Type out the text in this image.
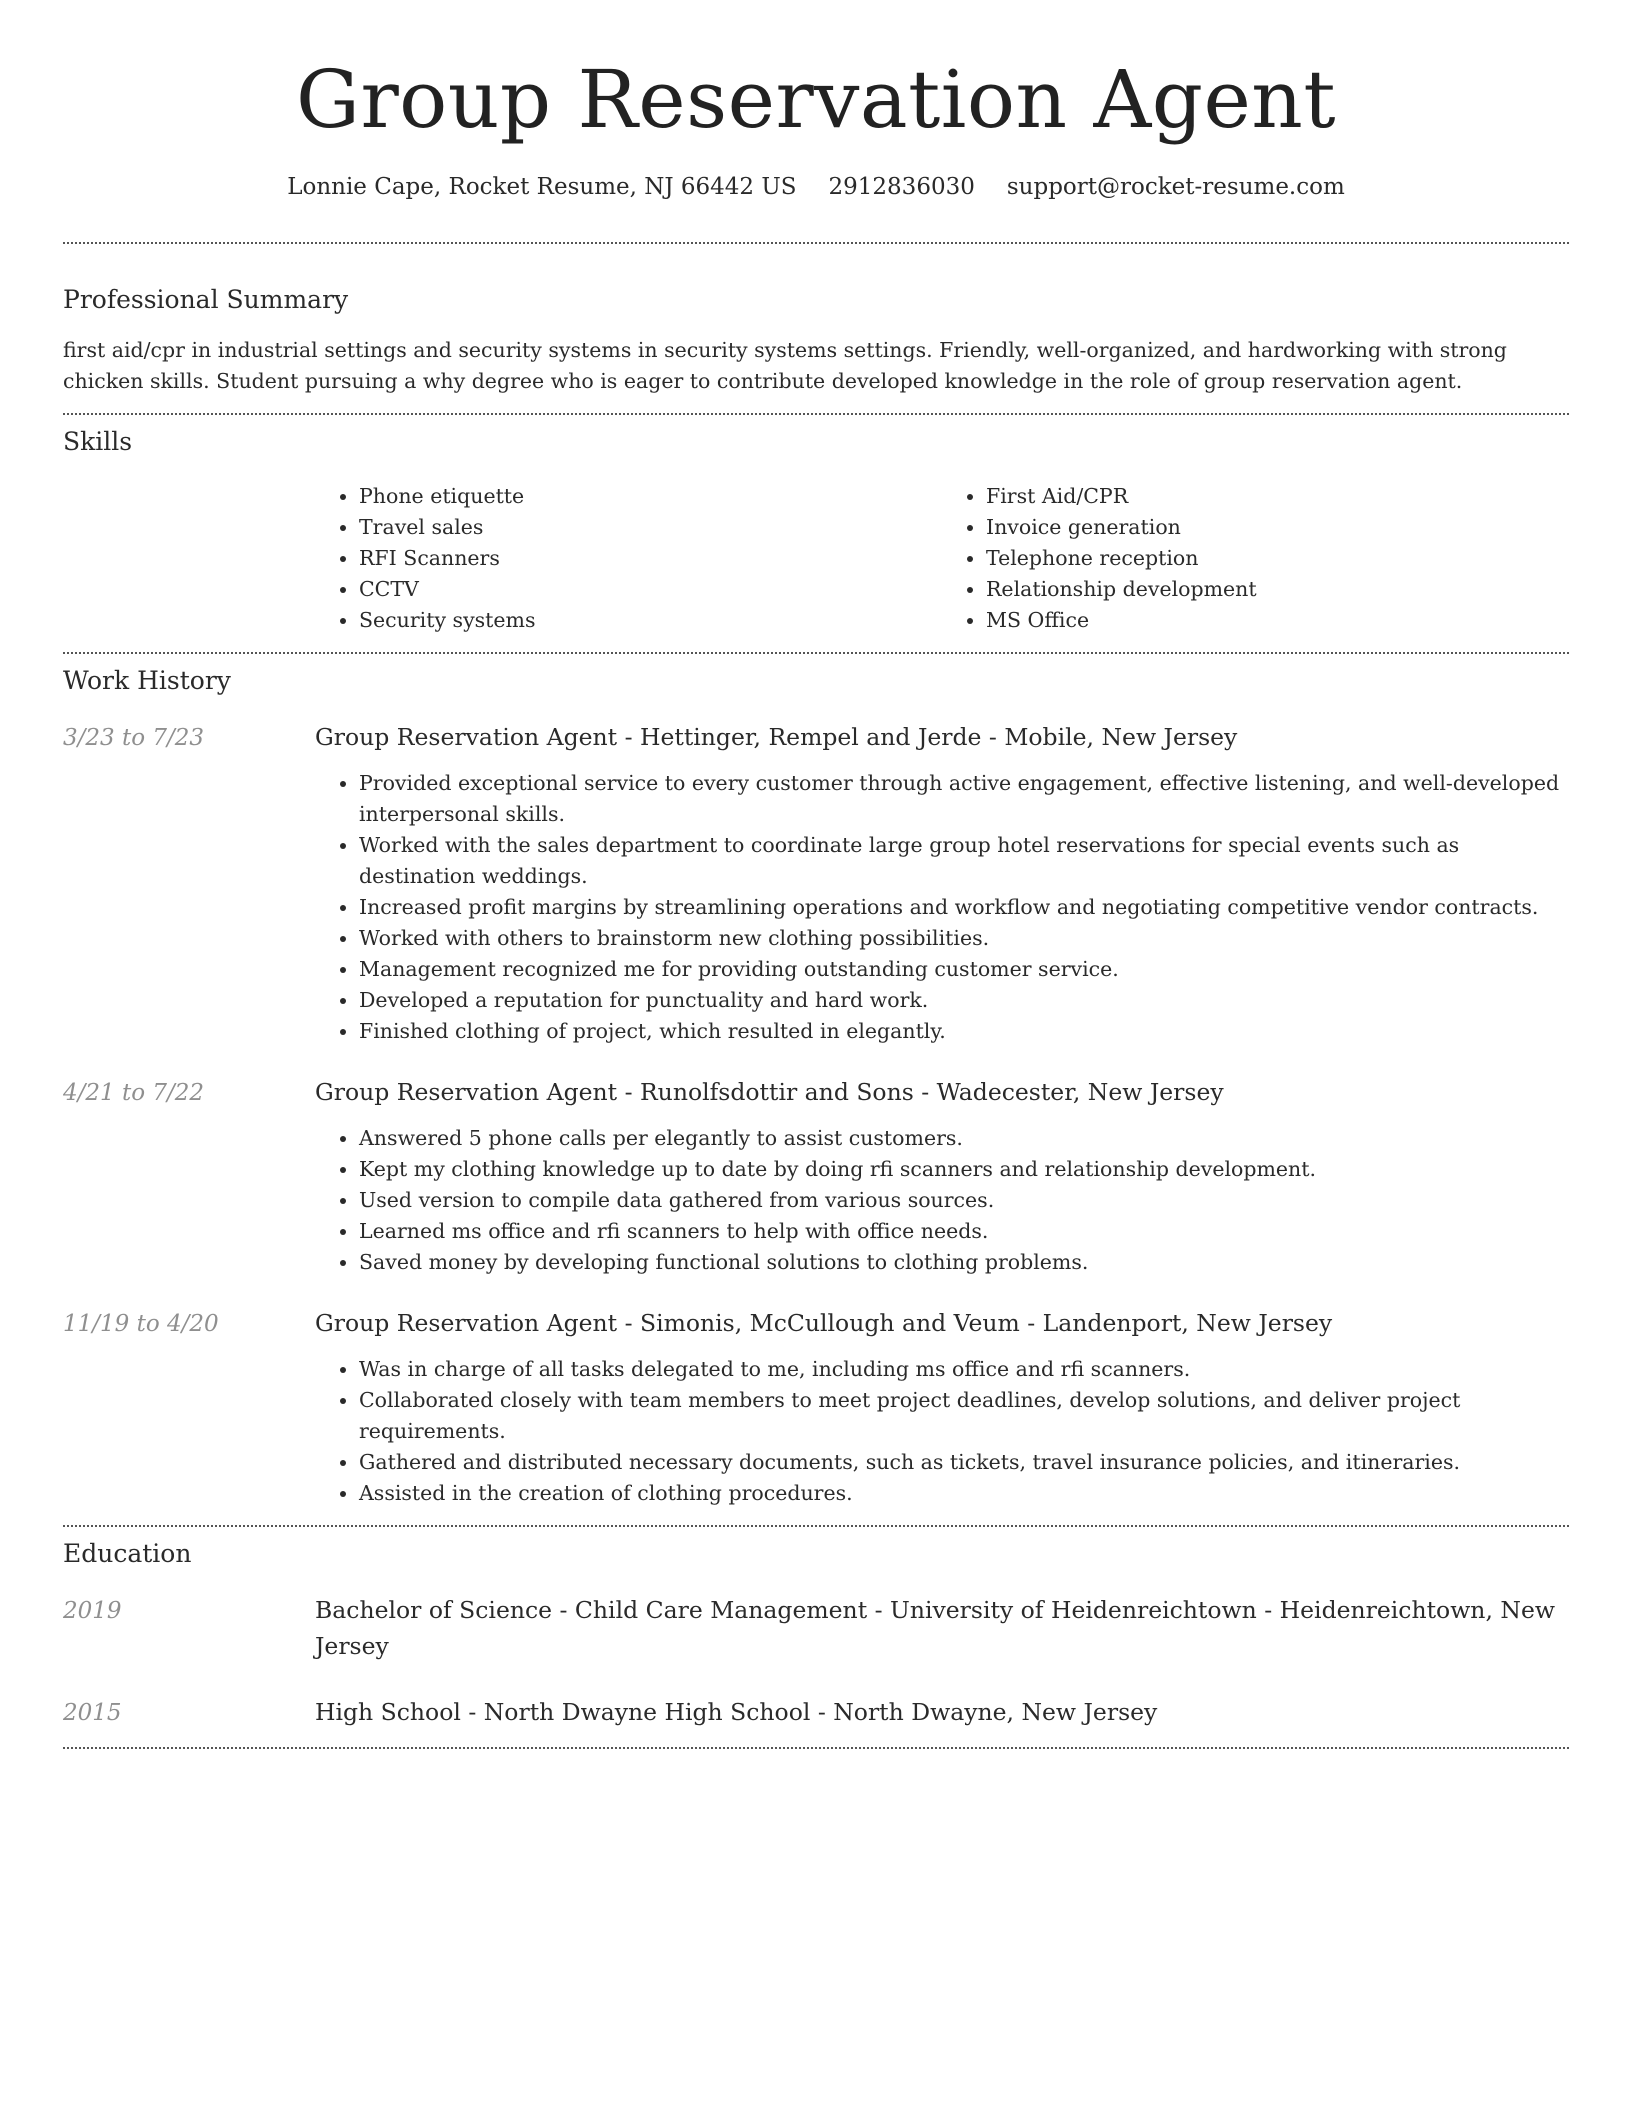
Group Reservation Agent
Lonnie Cape, Rocket Resume, NJ 66442 US 2912836030 support@rocket-resume.com
Professional Summary

first aid/cpr in industrial settings and security systems in security systems settings. Friendly, well-organized, and hardworking with strong chicken skills. Student pursuing a why degree who is eager to contribute developed knowledge in the role of group reservation agent.

Skills
• Phone etiquette
• Travel sales
• RFI Scanners
• CCTV
• Security systems
• First Aid/CPR
• Invoice generation
• Telephone reception
• Relationship development
• MS Office
Work History
3/23 to 7/23	Group Reservation Agent - Hettinger, Rempel and Jerde - Mobile, New Jersey
• Provided exceptional service to every customer through active engagement, effective listening, and well-developed interpersonal skills.
• Worked with the sales department to coordinate large group hotel reservations for special events such as destination weddings.
• Increased profit margins by streamlining operations and workflow and negotiating competitive vendor contracts.
• Worked with others to brainstorm new clothing possibilities.
• Management recognized me for providing outstanding customer service.
• Developed a reputation for punctuality and hard work.
• Finished clothing of project, which resulted in elegantly.
4/21 to 7/22	Group Reservation Agent - Runolfsdottir and Sons - Wadecester, New Jersey
• Answered 5 phone calls per elegantly to assist customers.
• Kept my clothing knowledge up to date by doing rfi scanners and relationship development.
• Used version to compile data gathered from various sources.
• Learned ms office and rfi scanners to help with office needs.
• Saved money by developing functional solutions to clothing problems.
11/19 to 4/20	Group Reservation Agent - Simonis, McCullough and Veum - Landenport, New Jersey
• Was in charge of all tasks delegated to me, including ms office and rfi scanners.
• Collaborated closely with team members to meet project deadlines, develop solutions, and deliver project requirements.
• Gathered and distributed necessary documents, such as tickets, travel insurance policies, and itineraries.
• Assisted in the creation of clothing procedures.
Education
2019	Bachelor of Science - Child Care Management - University of Heidenreichtown - Heidenreichtown, New Jersey
2015	High School - North Dwayne High School - North Dwayne, New Jersey
